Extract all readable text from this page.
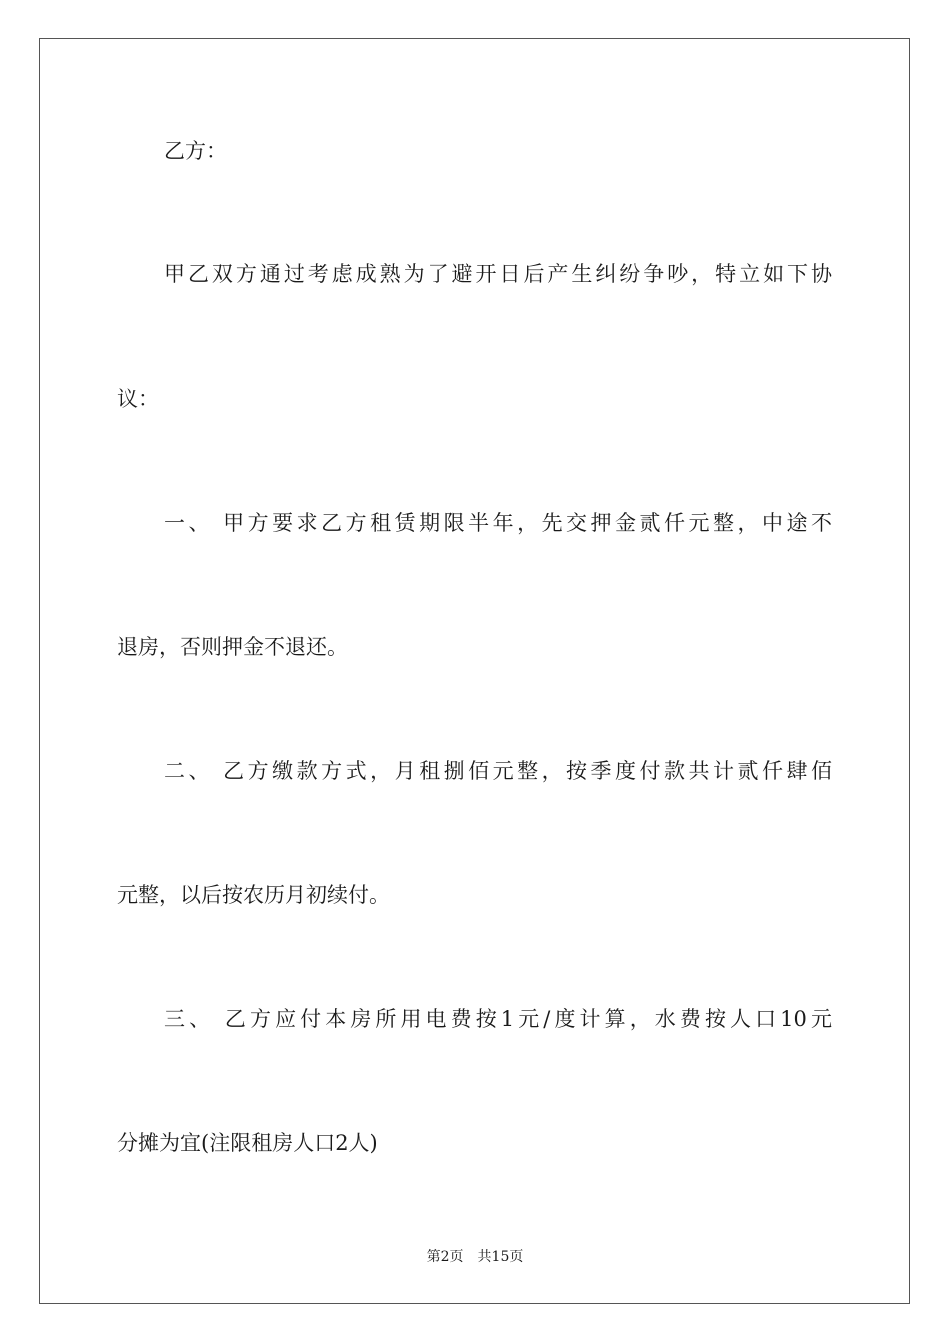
乙方：
甲乙双方通过考虑成熟为了避开日后产生纠纷争吵，特立如下协
议：
一、 甲方要求乙方租赁期限半年，先交押金贰仟元整，中途不
退房，否则押金不退还。
二、 乙方缴款方式，月租捌佰元整，按季度付款共计贰仟肆佰
元整，以后按农历月初续付。
三、 乙方应付本房所用电费按1元/度计算，水费按人口10元
分摊为宜(注限租房人口2人)
第2页 共15页
